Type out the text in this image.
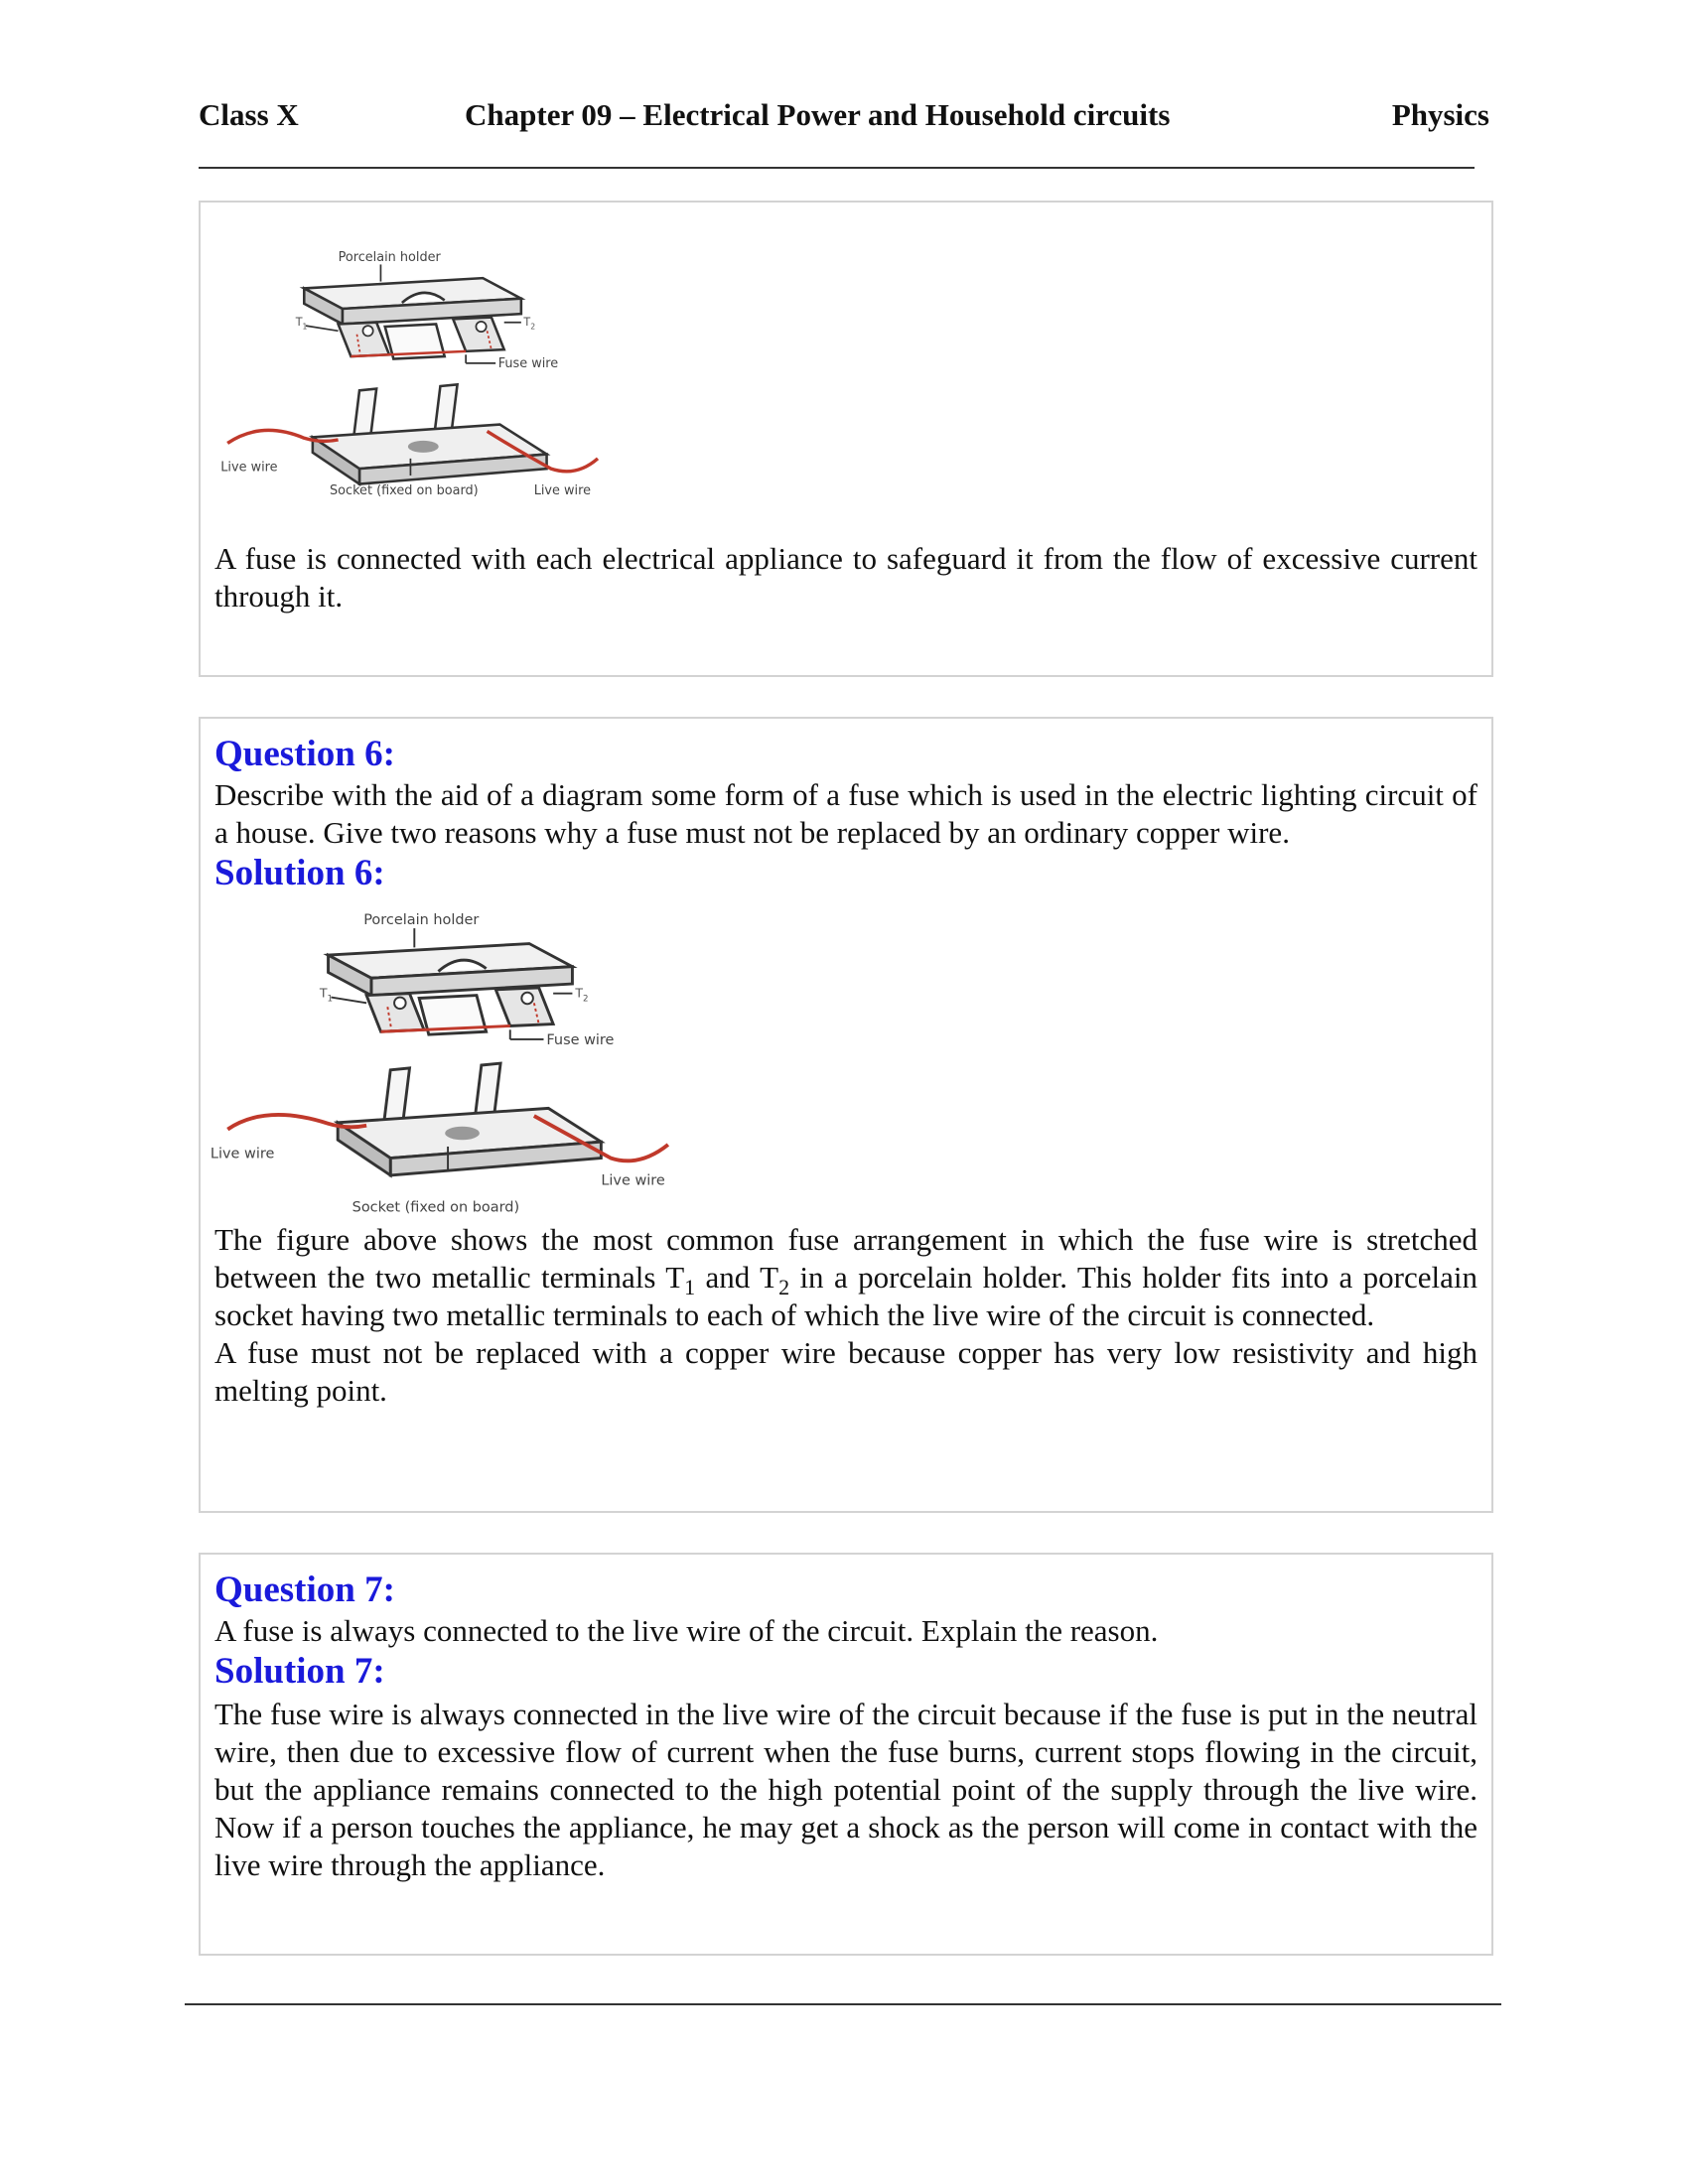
Class X	Chapter 09 – Electrical Power and Household circuits	Physics
Porcelain holder
$T_1$	$T_2$
Fuse wire
Live wire
Live wire
Socket (fixed on board)

A fuse is connected with each electrical appliance to safeguard it from the flow of excessive current through it.

Question 6:

Describe with the aid of a diagram some form of a fuse which is used in the electric lighting circuit of a house. Give two reasons why a fuse must not be replaced by an ordinary copper wire.

Solution 6:

Porcelain holder
$T_1$	$T_2$
Fuse wire
Live wire
Live wire
Socket (fixed on board)

The figure above shows the most common fuse arrangement in which the fuse wire is stretched between the two metallic terminals $T_1$ and $T_2$ in a porcelain holder. This holder fits into a porcelain socket having two metallic terminals to each of which the live wire of the circuit is connected.

A fuse must not be replaced with a copper wire because copper has very low resistivity and high melting point.

Question 7:

A fuse is always connected to the live wire of the circuit. Explain the reason.

Solution 7:

The fuse wire is always connected in the live wire of the circuit because if the fuse is put in the neutral wire, then due to excessive flow of current when the fuse burns, current stops flowing in the circuit, but the appliance remains connected to the high potential point of the supply through the live wire. Now if a person touches the appliance, he may get a shock as the person will come in contact with the live wire through the appliance.
